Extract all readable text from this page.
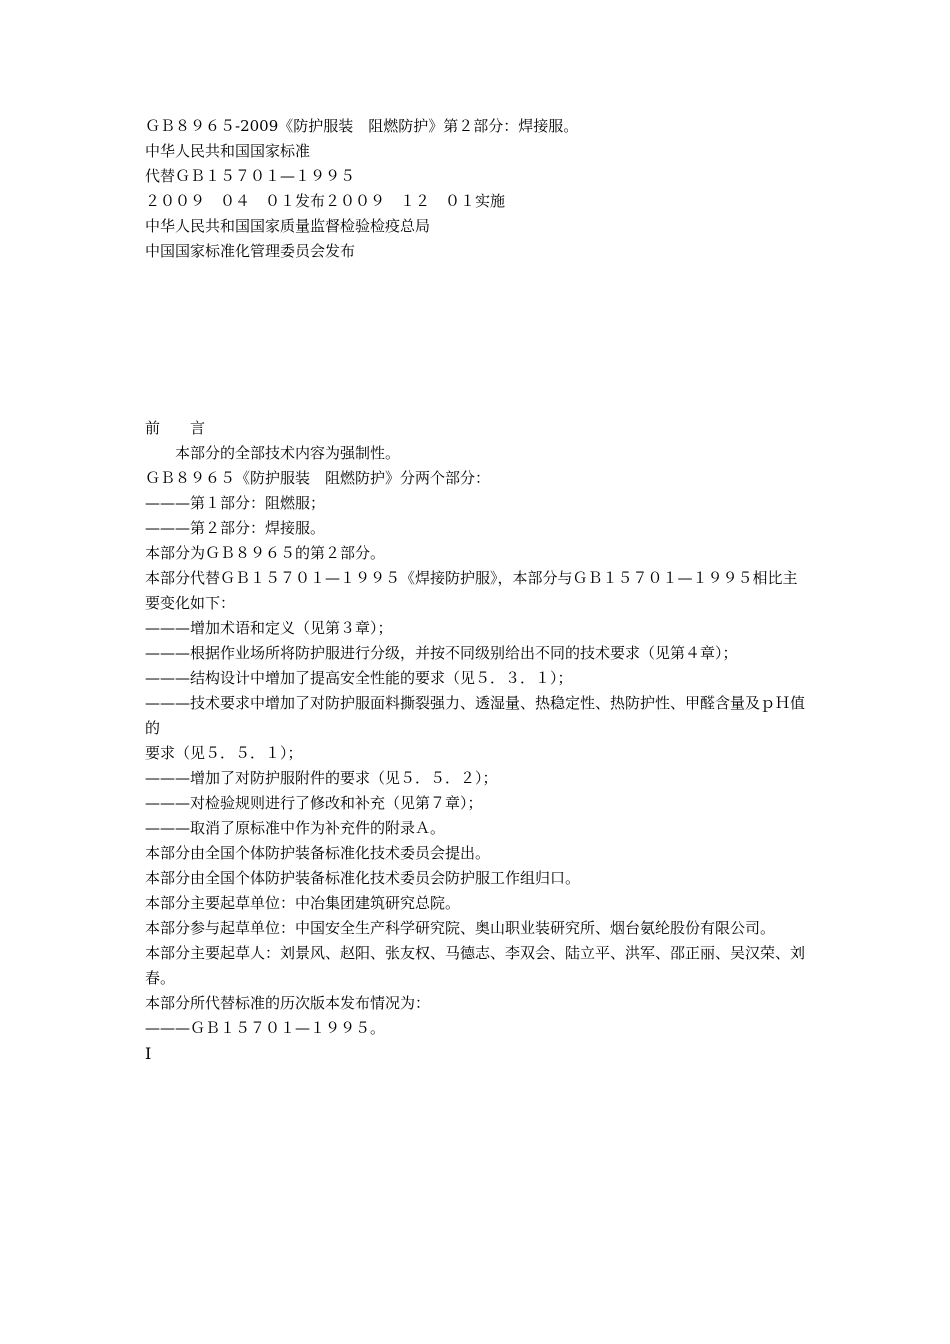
ＧＢ８９６５-2009《防护服装　阻燃防护》第２部分：焊接服。
中华人民共和国国家标准
代替ＧＢ１５７０１—１９９５
２００９　０４　０１发布２００９　１２　０１实施
中华人民共和国国家质量监督检验检疫总局
中国国家标准化管理委员会发布
前　　言
本部分的全部技术内容为强制性。
ＧＢ８９６５《防护服装　阻燃防护》分两个部分：
———第１部分：阻燃服；
———第２部分：焊接服。
本部分为ＧＢ８９６５的第２部分。
本部分代替ＧＢ１５７０１—１９９５《焊接防护服》，本部分与ＧＢ１５７０１—１９９５相比主要变化如下：
———增加术语和定义（见第３章）；
———根据作业场所将防护服进行分级，并按不同级别给出不同的技术要求（见第４章）；
———结构设计中增加了提高安全性能的要求（见５．３．１）；
———技术要求中增加了对防护服面料撕裂强力、透湿量、热稳定性、热防护性、甲醛含量及ｐＨ值的
要求（见５．５．１）；
———增加了对防护服附件的要求（见５．５．２）；
———对检验规则进行了修改和补充（见第７章）；
———取消了原标准中作为补充件的附录Ａ。
本部分由全国个体防护装备标准化技术委员会提出。
本部分由全国个体防护装备标准化技术委员会防护服工作组归口。
本部分主要起草单位：中冶集团建筑研究总院。
本部分参与起草单位：中国安全生产科学研究院、奥山职业装研究所、烟台氨纶股份有限公司。
本部分主要起草人：刘景风、赵阳、张友权、马德志、李双会、陆立平、洪军、邵正丽、吴汉荣、刘春。
本部分所代替标准的历次版本发布情况为：
———ＧＢ１５７０１—１９９５。
Ⅰ
